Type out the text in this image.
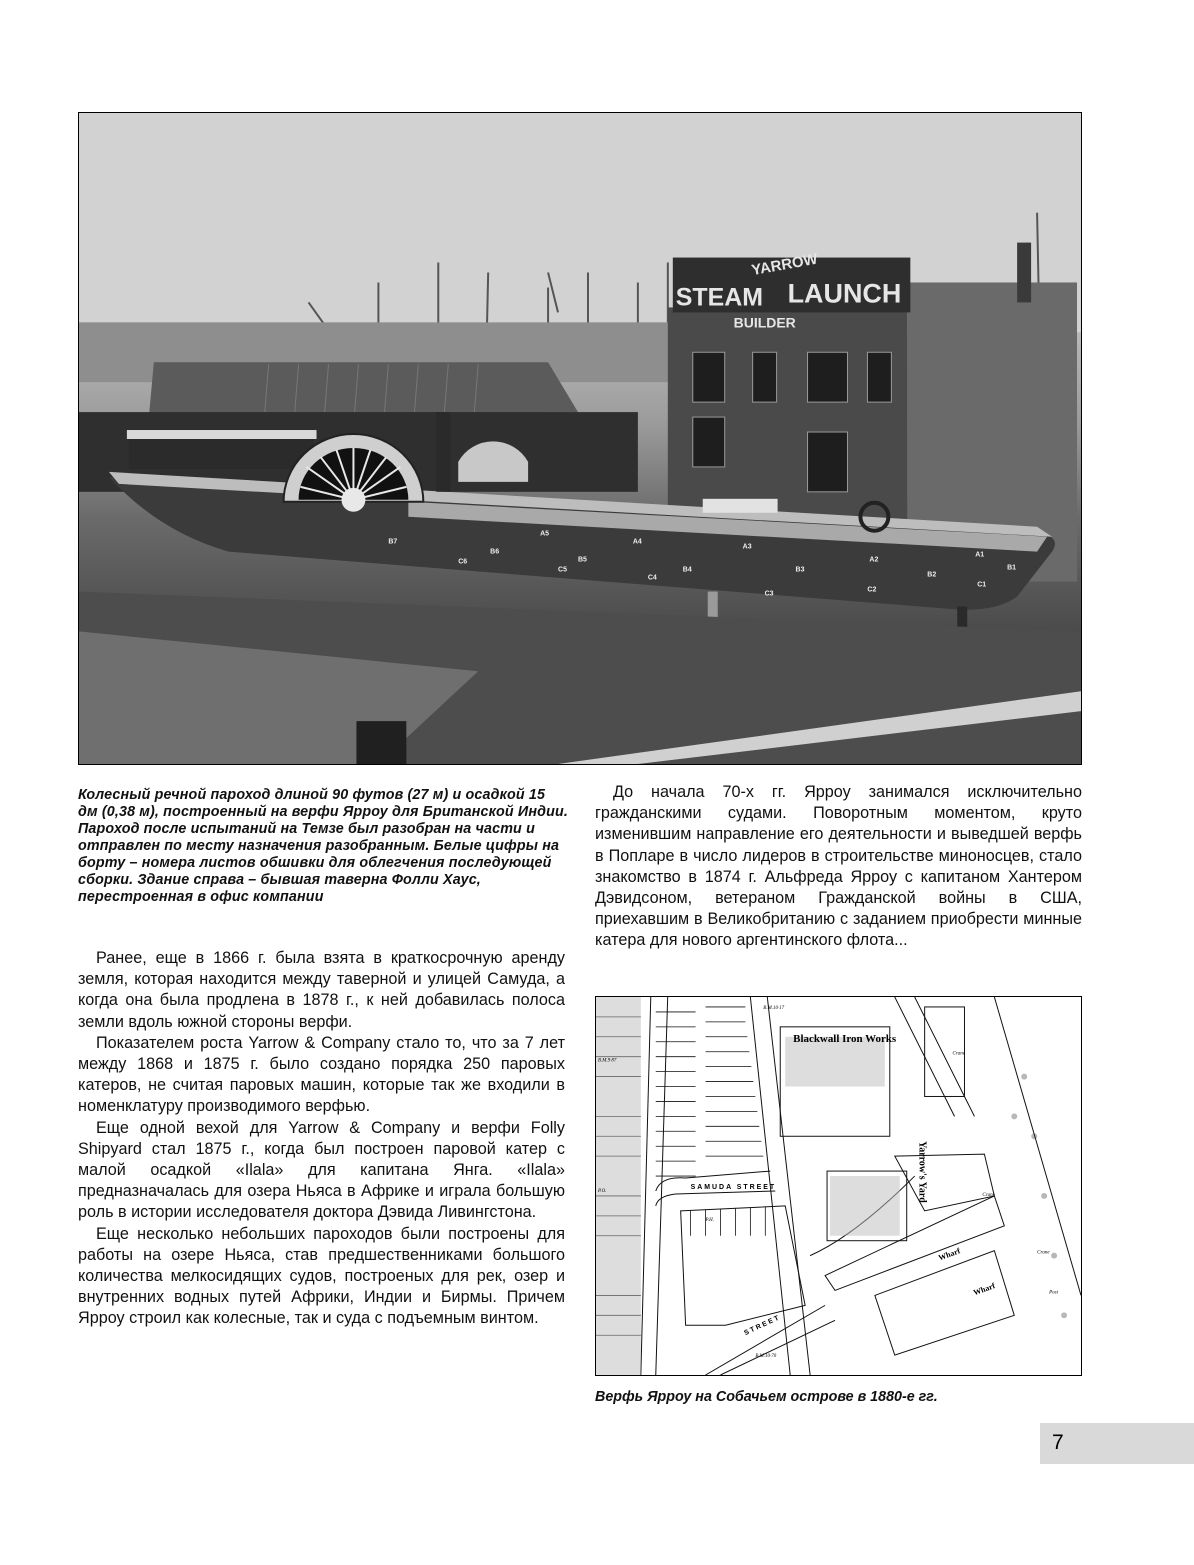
YARROW
STEAM LAUNCH
BUILDER
A1
A2
A3
A4
A5
B1
B2
B3
B4
B5
B6
B7
C1
C2
C3
C4
C5
C6
Колесный речной пароход длиной 90 футов (27 м) и осадкой 15 дм (0,38 м), построенный на верфи Ярроу для Британской Индии. Пароход после испытаний на Темзе был разобран на части и отправлен по месту назначения разобранным. Белые цифры на борту – номера листов обшивки для облегчения последующей сборки. Здание справа – бывшая таверна Фолли Хаус, перестроенная в офис компании

Ранее, еще в 1866 г. была взята в краткосрочную аренду земля, которая находится между таверной и улицей Самуда, а когда она была продлена в 1878 г., к ней добавилась полоса земли вдоль южной стороны верфи.

Показателем роста Yarrow & Company стало то, что за 7 лет между 1868 и 1875 г. было создано порядка 250 паровых катеров, не считая паровых машин, которые так же входили в номенклатуру производимого верфью.

Еще одной вехой для Yarrow & Company и верфи Folly Shipyard стал 1875 г., когда был построен паровой катер с малой осадкой «Ilala» для капитана Янга. «Ilala» предназначалась для озера Ньяса в Африке и играла большую роль в истории исследователя доктора Дэвида Ливингстона.

Еще несколько небольших пароходов были построены для работы на озере Ньяса, став предшественниками большого количества мелкосидящих судов, построеных для рек, озер и внутренних водных путей Африки, Индии и Бирмы. Причем Ярроу строил как колесные, так и суда с подъемным винтом.

До начала 70-х гг. Ярроу занимался исключительно гражданскими судами. Поворотным моментом, круто изменившим направление его деятельности и выведшей верфь в Попларе в число лидеров в строительстве миноносцев, стало знакомство в 1874 г. Альфреда Ярроу с капитаном Хантером Дэвидсоном, ветераном Гражданской войны в США, приехавшим в Великобританию с заданием приобрести минные катера для нового аргентинского флота...

Blackwall Iron Works
SAMUDA STREET	Yarrow's Yard
Wharf
Wharf
STREET
Crane
Crane
Crane
Post
P.O.
P.H.
B.M.10·17
B.M.10·70
B.M.9·87
Верфь Ярроу на Собачьем острове в 1880-е гг.
7
